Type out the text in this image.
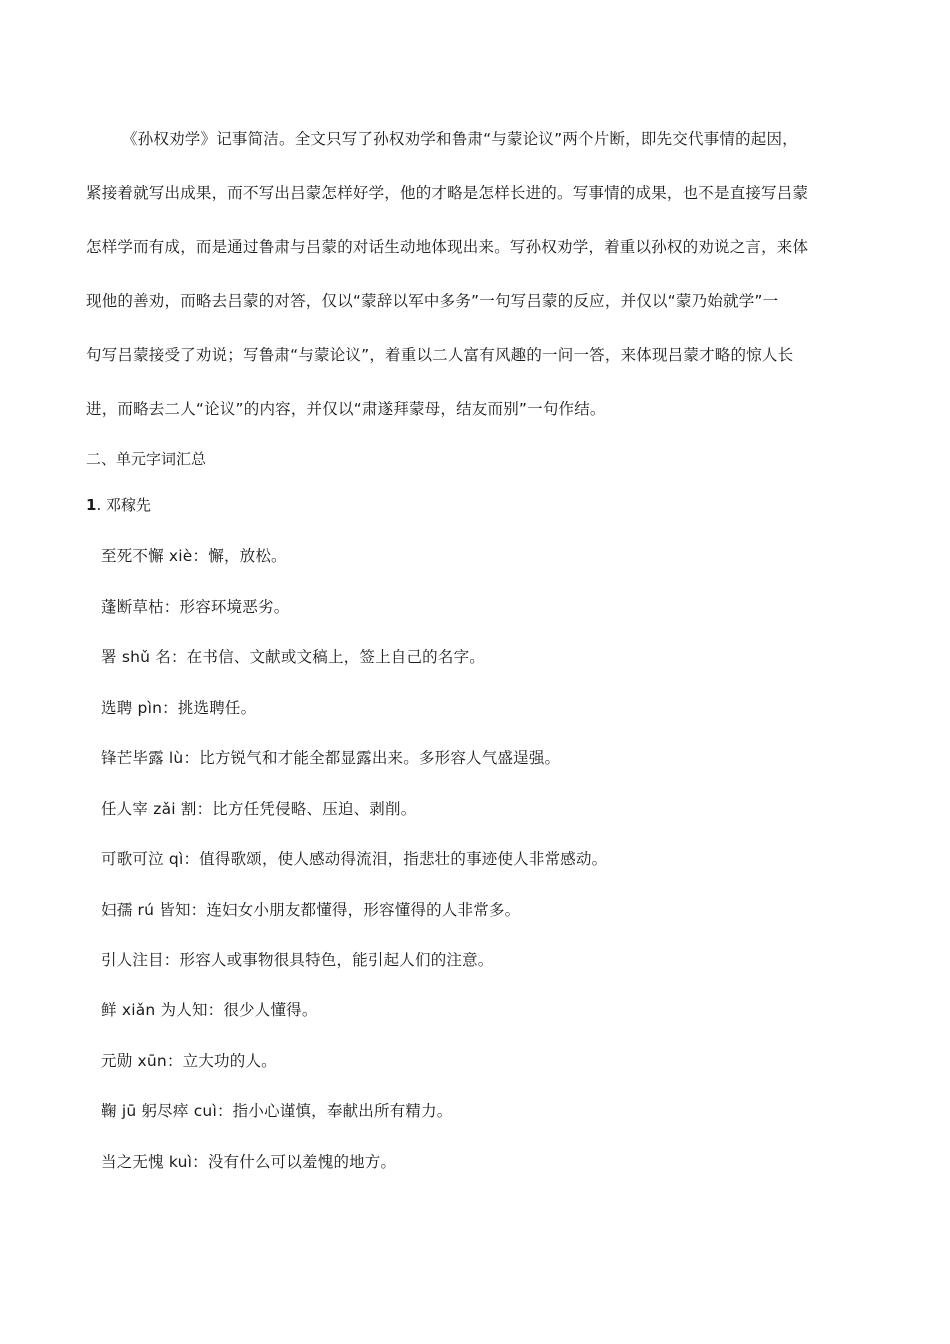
《孙权劝学》记事简洁。全文只写了孙权劝学和鲁肃“与蒙论议”两个片断，即先交代事情的起因，
紧接着就写出成果，而不写出吕蒙怎样好学，他的才略是怎样长进的。写事情的成果，也不是直接写吕蒙
怎样学而有成，而是通过鲁肃与吕蒙的对话生动地体现出来。写孙权劝学，着重以孙权的劝说之言，来体
现他的善劝，而略去吕蒙的对答，仅以“蒙辞以军中多务”一句写吕蒙的反应，并仅以“蒙乃始就学”一
句写吕蒙接受了劝说；写鲁肃“与蒙论议”，着重以二人富有风趣的一问一答，来体现吕蒙才略的惊人长
进，而略去二人“论议”的内容，并仅以“肃遂拜蒙母，结友而别”一句作结。
二、单元字词汇总
1. 邓稼先
至死不懈 xiè：懈，放松。
蓬断草枯：形容环境恶劣。
署 shǔ 名：在书信、文献或文稿上，签上自己的名字。
选聘 pìn：挑选聘任。
锋芒毕露 lù：比方锐气和才能全都显露出来。多形容人气盛逞强。
任人宰 zǎi 割：比方任凭侵略、压迫、剥削。
可歌可泣 qì：值得歌颂，使人感动得流泪，指悲壮的事迹使人非常感动。
妇孺 rú 皆知：连妇女小朋友都懂得，形容懂得的人非常多。
引人注目：形容人或事物很具特色，能引起人们的注意。
鲜 xiǎn 为人知：很少人懂得。
元勋 xūn：立大功的人。
鞠 jū 躬尽瘁 cuì：指小心谨慎，奉献出所有精力。
当之无愧 kuì：没有什么可以羞愧的地方。
